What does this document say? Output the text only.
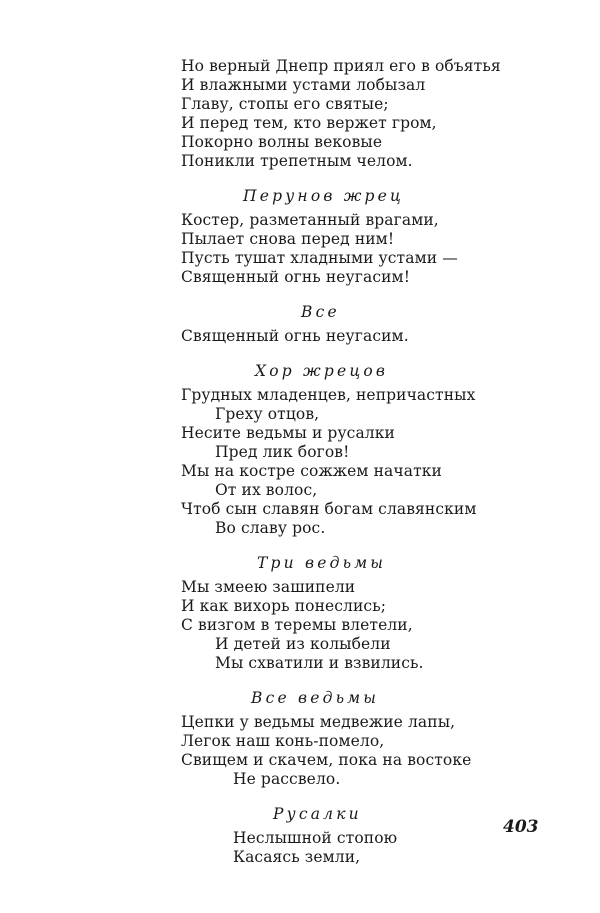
Но верный Днепр приял его в объятья
И влажными устами лобызал
Главу, стопы его святые;
И перед тем, кто вержет гром,
Покорно волны вековые
Поникли трепетным челом.
Перунов жрец
Костер, разметанный врагами,
Пылает снова перед ним!
Пусть тушат хладными устами —
Священный огнь неугасим!
Все
Священный огнь неугасим.
Хор жрецов
Грудных младенцев, непричастных
Греху отцов,
Несите ведьмы и русалки
Пред лик богов!
Мы на костре сожжем начатки
От их волос,
Чтоб сын славян богам славянским
Во славу рос.
Три ведьмы
Мы змеею зашипели
И как вихорь понеслись;
С визгом в теремы влетели,
И детей из колыбели
Мы схватили и взвились.
Все ведьмы
Цепки у ведьмы медвежие лапы,
Легок наш конь-помело,
Свищем и скачем, пока на востоке
Не рассвело.
Русалки
Неслышной стопою
Касаясь земли,
403
